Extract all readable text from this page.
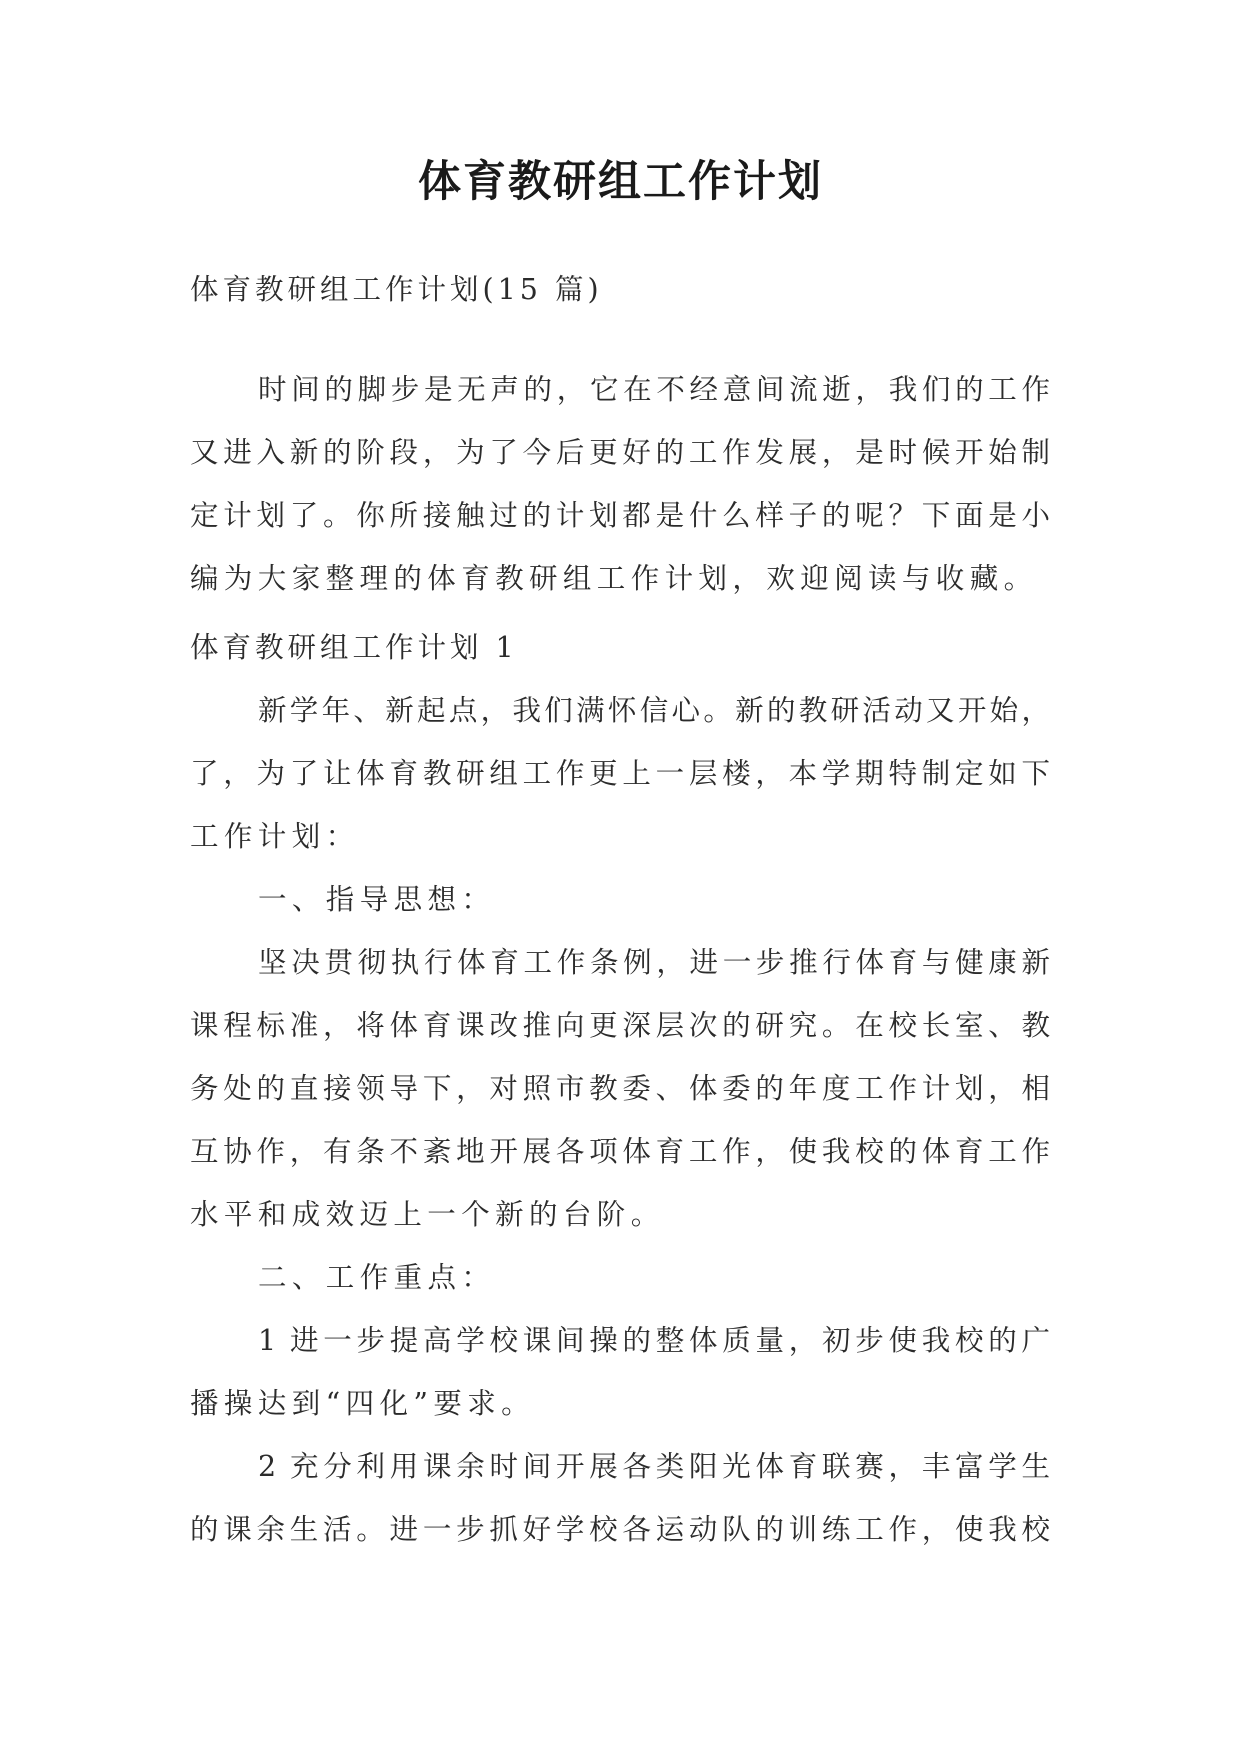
体育教研组工作计划
体育教研组工作计划(15 篇)
时间的脚步是无声的，它在不经意间流逝，我们的工作
又进入新的阶段，为了今后更好的工作发展，是时候开始制
定计划了。你所接触过的计划都是什么样子的呢？下面是小
编为大家整理的体育教研组工作计划，欢迎阅读与收藏。
体育教研组工作计划 1
新学年、新起点，我们满怀信心。新的教研活动又开始，
了，为了让体育教研组工作更上一层楼，本学期特制定如下
工作计划：
一、指导思想：
坚决贯彻执行体育工作条例，进一步推行体育与健康新
课程标准，将体育课改推向更深层次的研究。在校长室、教
务处的直接领导下，对照市教委、体委的年度工作计划，相
互协作，有条不紊地开展各项体育工作，使我校的体育工作
水平和成效迈上一个新的台阶。
二、工作重点：
1 进一步提高学校课间操的整体质量，初步使我校的广
播操达到“四化”要求。
2 充分利用课余时间开展各类阳光体育联赛，丰富学生
的课余生活。进一步抓好学校各运动队的训练工作，使我校
